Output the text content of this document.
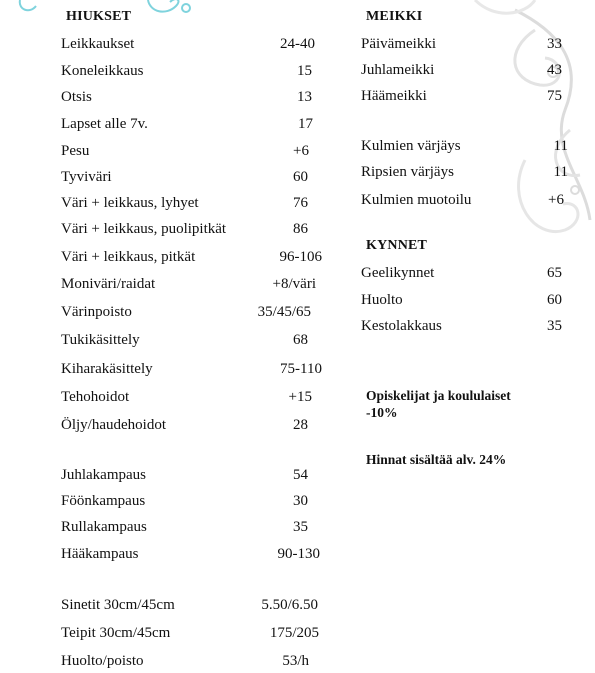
HIUKSET
Leikkaukset	24-40
Koneleikkaus	15
Otsis	13
Lapset alle 7v.	17
Pesu	+6
Tyviväri	60
Väri + leikkaus, lyhyet	76
Väri + leikkaus, puolipitkät	86
Väri + leikkaus, pitkät	96-106
Moniväri/raidat	+8/väri
Värinpoisto	35/45/65
Tukikäsittely	68
Kiharakäsittely	75-110
Tehohoidot	+15
Öljy/haudehoidot	28
Juhlakampaus	54
Föönkampaus	30
Rullakampaus	35
Hääkampaus	90-130
Sinetit 30cm/45cm	5.50/6.50
Teipit 30cm/45cm	175/205
Huolto/poisto	53/h
MEIKKI
Päivämeikki	33
Juhlameikki	43
Häämeikki	75
Kulmien värjäys	11
Ripsien värjäys	11
Kulmien muotoilu	+6
KYNNET
Geelikynnet	65
Huolto	60
Kestolakkaus	35
Opiskelijat ja koululaiset
-10%
Hinnat sisältää alv. 24%
